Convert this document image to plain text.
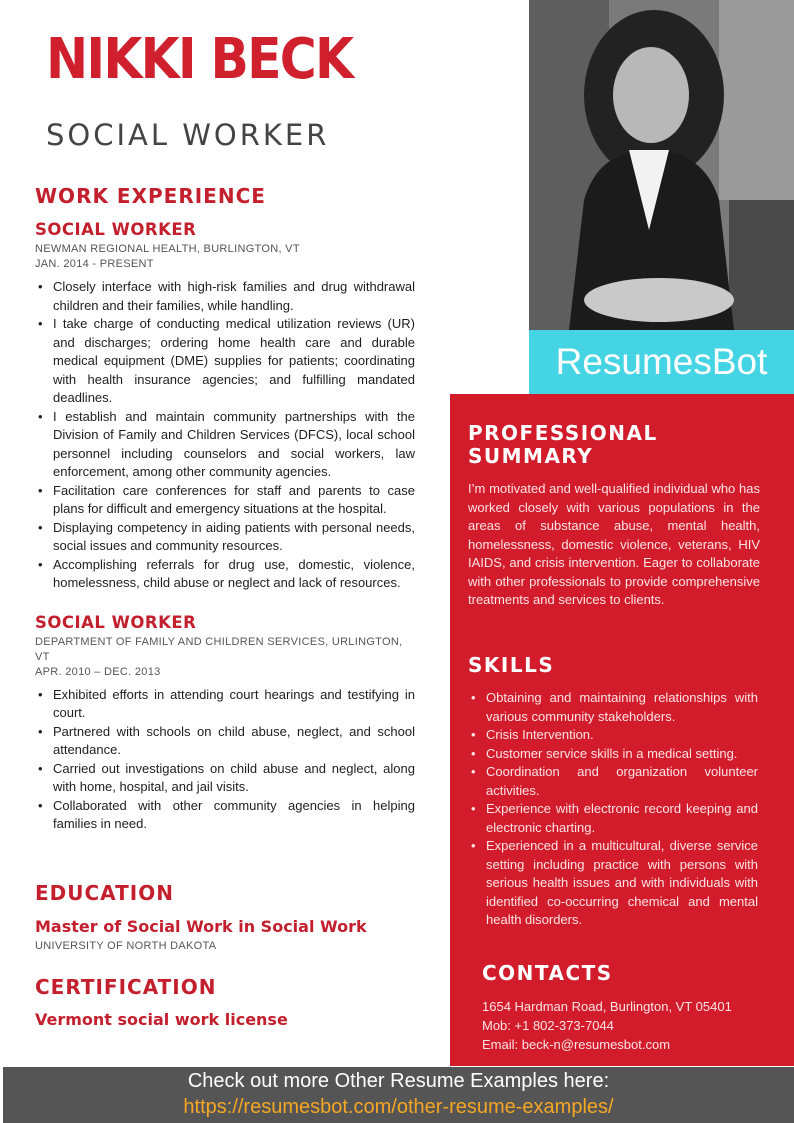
NIKKI BECK
SOCIAL WORKER
WORK EXPERIENCE
SOCIAL WORKER
NEWMAN REGIONAL HEALTH, BURLINGTON, VT
JAN. 2014 - PRESENT
• Closely interface with high-risk families and drug withdrawal children and their families, while handling.
• I take charge of conducting medical utilization reviews (UR) and discharges; ordering home health care and durable medical equipment (DME) supplies for patients; coordinating with health insurance agencies; and fulfilling mandated deadlines.
• I establish and maintain community partnerships with the Division of Family and Children Services (DFCS), local school personnel including counselors and social workers, law enforcement, among other community agencies.
• Facilitation care conferences for staff and parents to case plans for difficult and emergency situations at the hospital.
• Displaying competency in aiding patients with personal needs, social issues and community resources.
• Accomplishing referrals for drug use, domestic, violence, homelessness, child abuse or neglect and lack of resources.
SOCIAL WORKER
DEPARTMENT OF FAMILY AND CHILDREN SERVICES, URLINGTON, VT
APR. 2010 – DEC. 2013
• Exhibited efforts in attending court hearings and testifying in court.
• Partnered with schools on child abuse, neglect, and school attendance.
• Carried out investigations on child abuse and neglect, along with home, hospital, and jail visits.
• Collaborated with other community agencies in helping families in need.
EDUCATION
Master of Social Work in Social Work
UNIVERSITY OF NORTH DAKOTA
CERTIFICATION
Vermont social work license
ResumesBot
PROFESSIONAL
SUMMARY

I’m motivated and well-qualified individual who has worked closely with various populations in the areas of substance abuse, mental health, homelessness, domestic violence, veterans, HIV IAIDS, and crisis intervention. Eager to collaborate with other professionals to provide comprehensive treatments and services to clients.

SKILLS
• Obtaining and maintaining relationships with various community stakeholders.
• Crisis Intervention.
• Customer service skills in a medical setting.
• Coordination and organization volunteer activities.
• Experience with electronic record keeping and electronic charting.
• Experienced in a multicultural, diverse service setting including practice with persons with serious health issues and with individuals with identified co-occurring chemical and mental health disorders.
CONTACTS
1654 Hardman Road, Burlington, VT 05401
Mob: +1 802-373-7044
Email: beck-n@resumesbot.com
Check out more Other Resume Examples here:
https://resumesbot.com/other-resume-examples/
